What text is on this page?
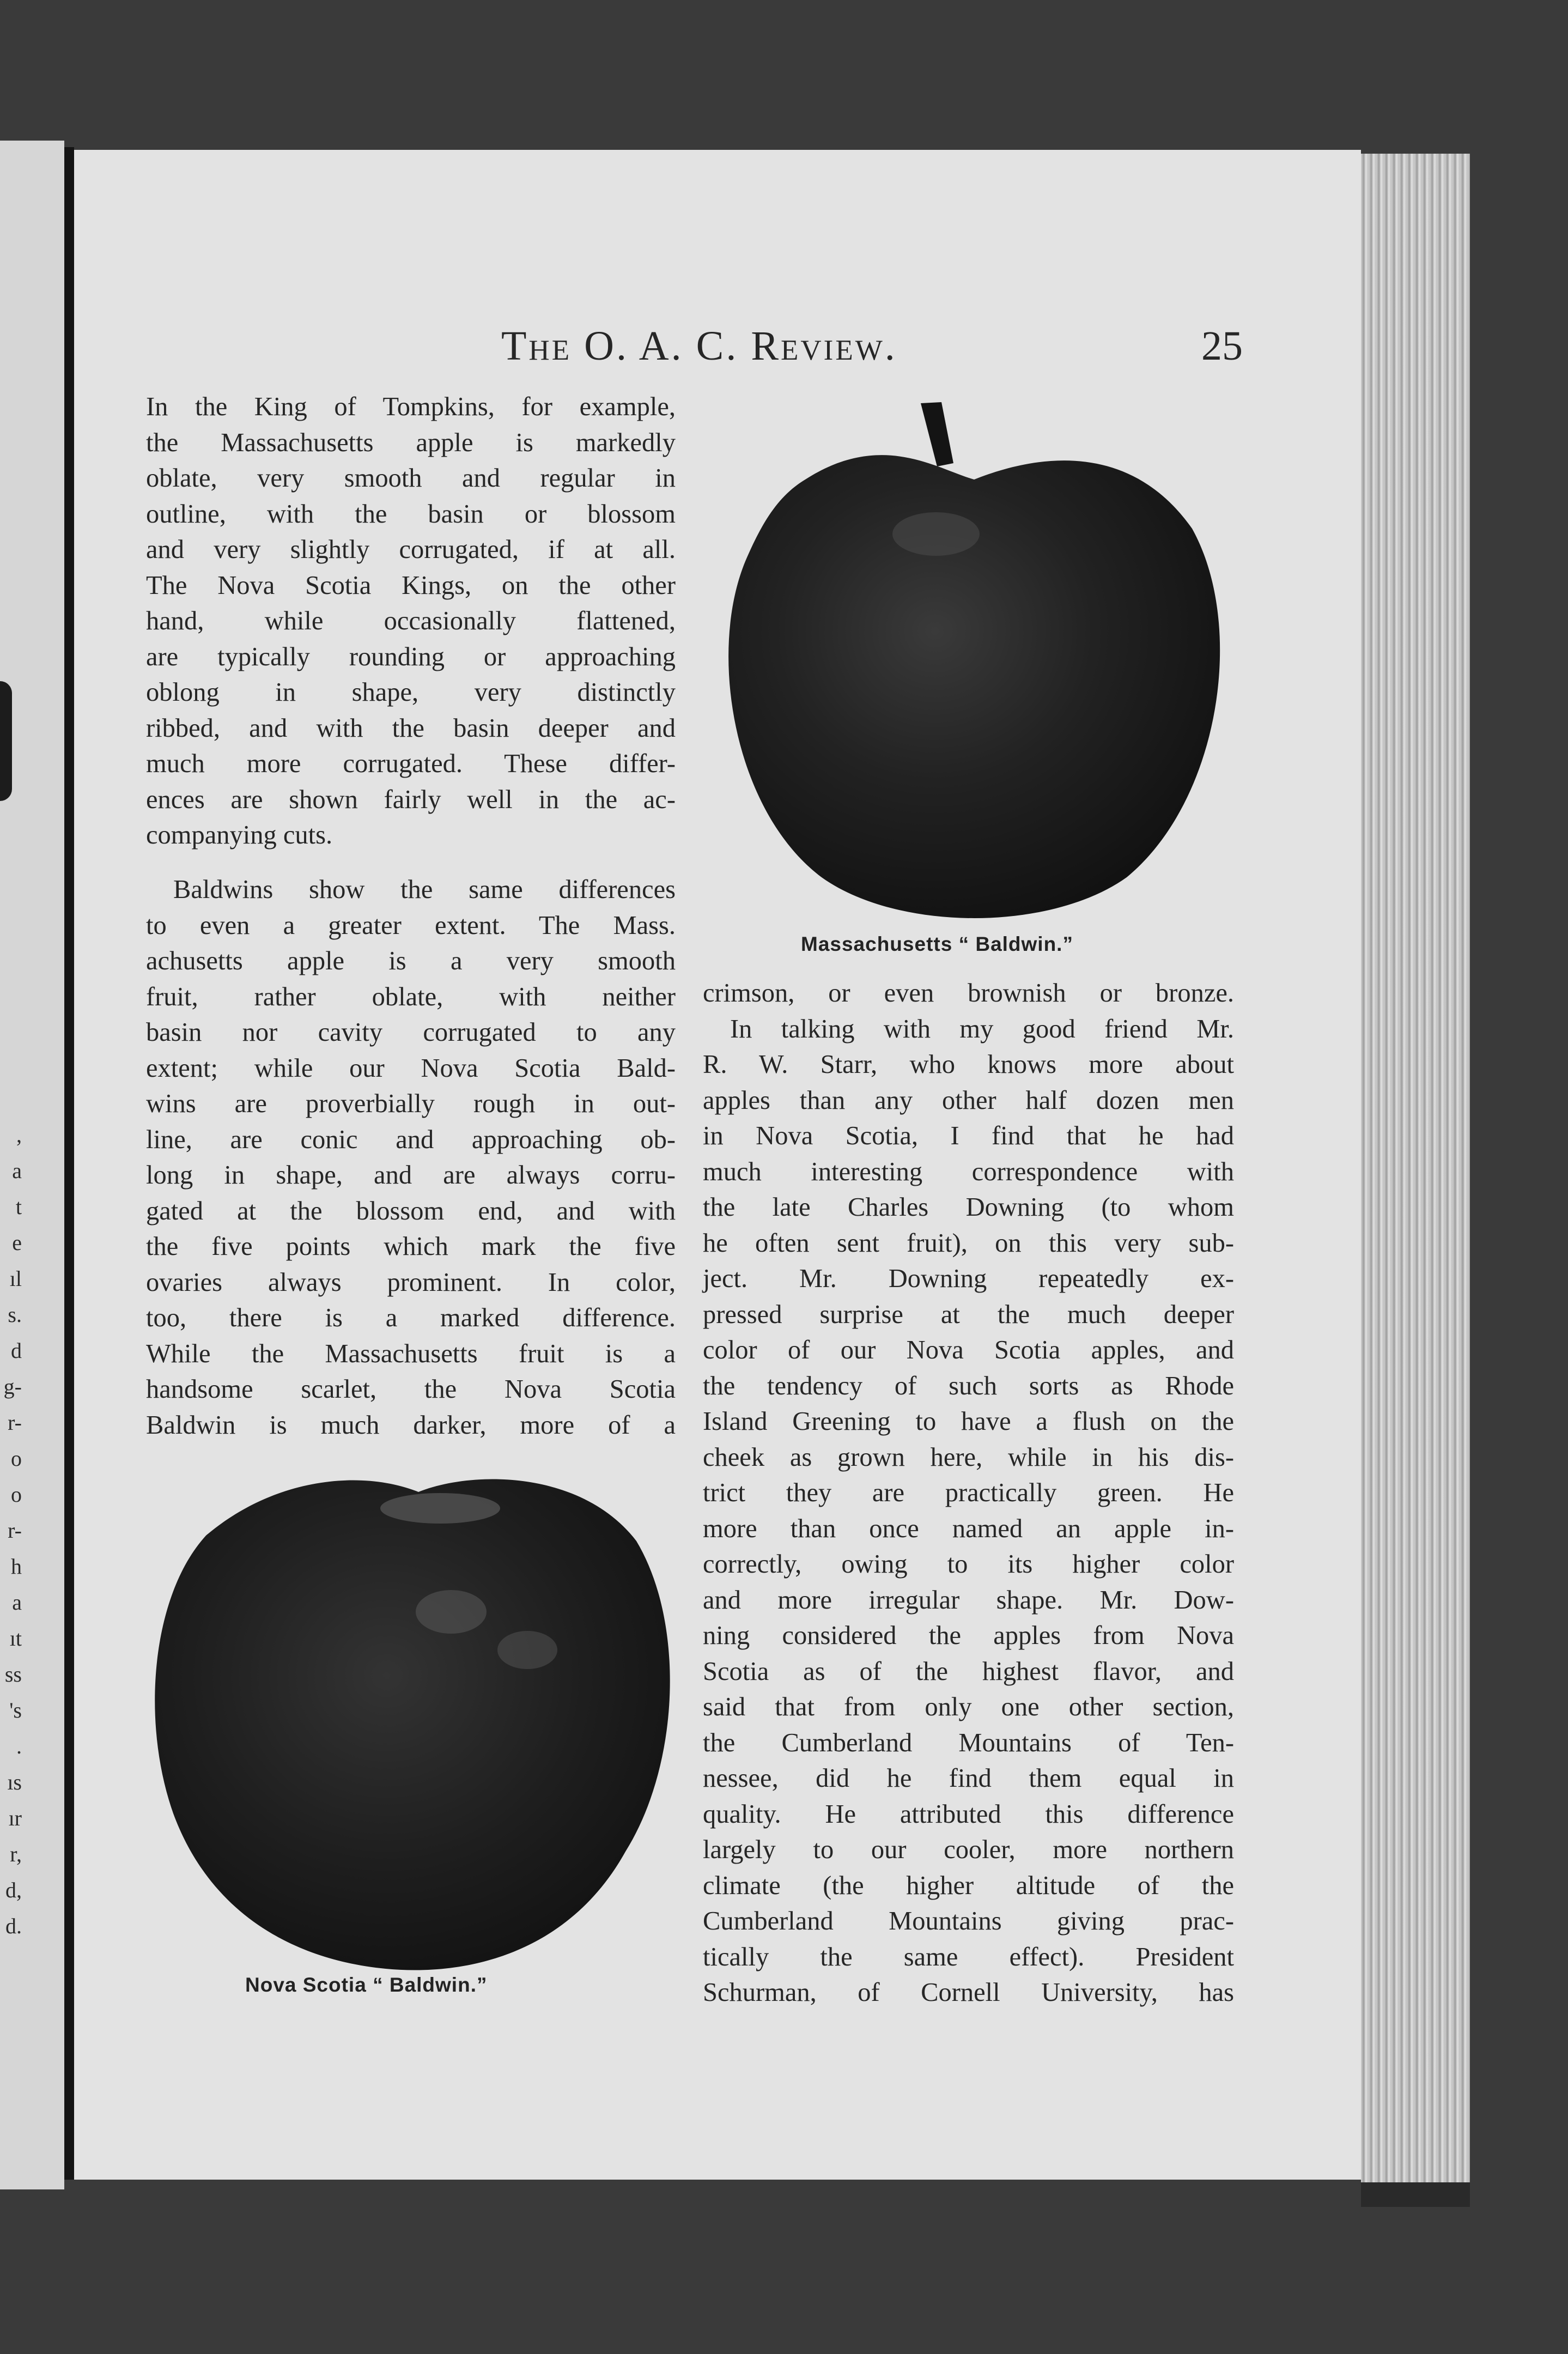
,
a
t
e
ıl
s.
d
g-
r-
o
o
r-
h
a
ıt
ss
's
.
ıs
ır
r,
d,
d.
The O. A. C. Review.	25
In the King of Tompkins, for example,
the Massachusetts apple is markedly
oblate, very smooth and regular in
outline, with the basin or blossom
and very slightly corrugated, if at all.
The Nova Scotia Kings, on the other
hand, while occasionally flattened,
are typically rounding or approaching
oblong in shape, very distinctly
ribbed, and with the basin deeper and
much more corrugated. These differ-
ences are shown fairly well in the ac-
companying cuts.
Baldwins show the same differences
to even a greater extent. The Mass.
achusetts apple is a very smooth
fruit, rather oblate, with neither
basin nor cavity corrugated to any
extent; while our Nova Scotia Bald-
wins are proverbially rough in out-
line, are conic and approaching ob-
long in shape, and are always corru-
gated at the blossom end, and with
the five points which mark the five
ovaries always prominent. In color,
too, there is a marked difference.
While the Massachusetts fruit is a
handsome scarlet, the Nova Scotia
Baldwin is much darker, more of a
crimson, or even brownish or bronze.
In talking with my good friend Mr.
R. W. Starr, who knows more about
apples than any other half dozen men
in Nova Scotia, I find that he had
much interesting correspondence with
the late Charles Downing (to whom
he often sent fruit), on this very sub-
ject. Mr. Downing repeatedly ex-
pressed surprise at the much deeper
color of our Nova Scotia apples, and
the tendency of such sorts as Rhode
Island Greening to have a flush on the
cheek as grown here, while in his dis-
trict they are practically green. He
more than once named an apple in-
correctly, owing to its higher color
and more irregular shape. Mr. Dow-
ning considered the apples from Nova
Scotia as of the highest flavor, and
said that from only one other section,
the Cumberland Mountains of Ten-
nessee, did he find them equal in
quality. He attributed this difference
largely to our cooler, more northern
climate (the higher altitude of the
Cumberland Mountains giving prac-
tically the same effect). President
Schurman, of Cornell University, has
Massachusetts “ Baldwin.”
Nova Scotia “ Baldwin.”
